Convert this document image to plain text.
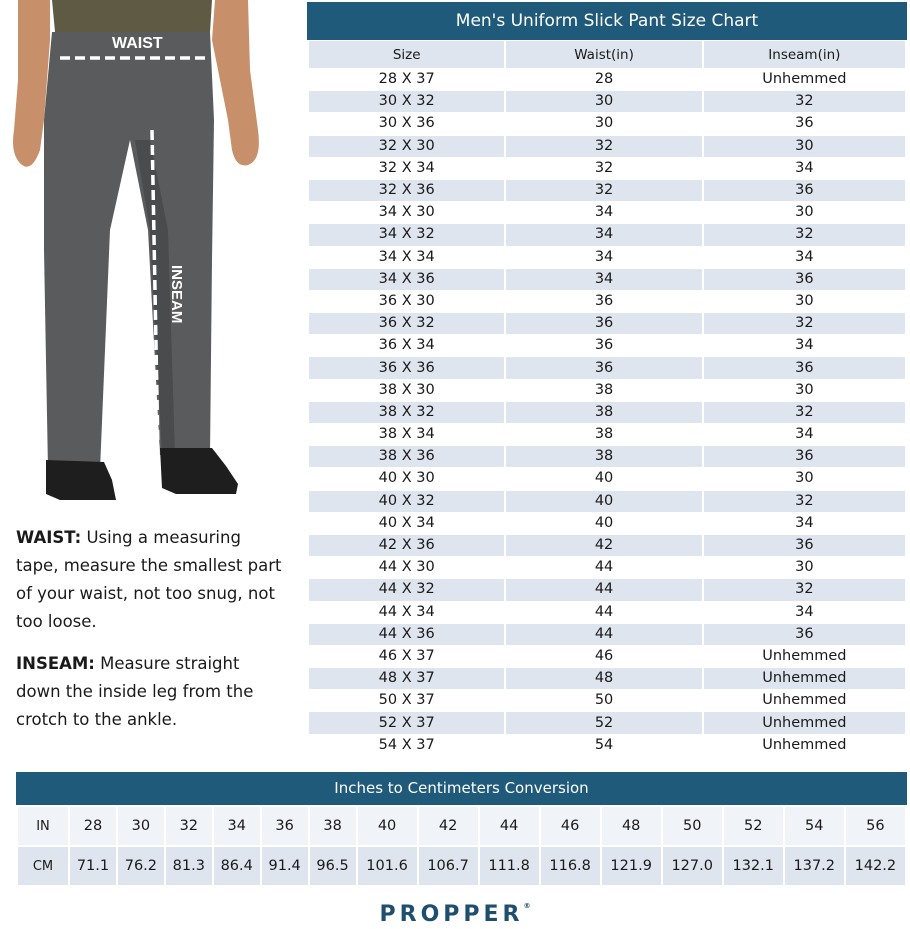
WAIST
INSEAM
WAIST: Using a measuring tape, measure the smallest part of your waist, not too snug, not too loose.
INSEAM: Measure straight down the inside leg from the crotch to the ankle.
Men's Uniform Slick Pant Size Chart
Size	Waist(in)	Inseam(in)
28 X 37	28	Unhemmed
30 X 32	30	32
30 X 36	30	36
32 X 30	32	30
32 X 34	32	34
32 X 36	32	36
34 X 30	34	30
34 X 32	34	32
34 X 34	34	34
34 X 36	34	36
36 X 30	36	30
36 X 32	36	32
36 X 34	36	34
36 X 36	36	36
38 X 30	38	30
38 X 32	38	32
38 X 34	38	34
38 X 36	38	36
40 X 30	40	30
40 X 32	40	32
40 X 34	40	34
42 X 36	42	36
44 X 30	44	30
44 X 32	44	32
44 X 34	44	34
44 X 36	44	36
46 X 37	46	Unhemmed
48 X 37	48	Unhemmed
50 X 37	50	Unhemmed
52 X 37	52	Unhemmed
54 X 37	54	Unhemmed
Inches to Centimeters Conversion
IN	28	30	32	34	36	38	40	42	44	46	48	50	52	54	56
CM	71.1	76.2	81.3	86.4	91.4	96.5	101.6	106.7	111.8	116.8	121.9	127.0	132.1	137.2	142.2
PROPPER®
